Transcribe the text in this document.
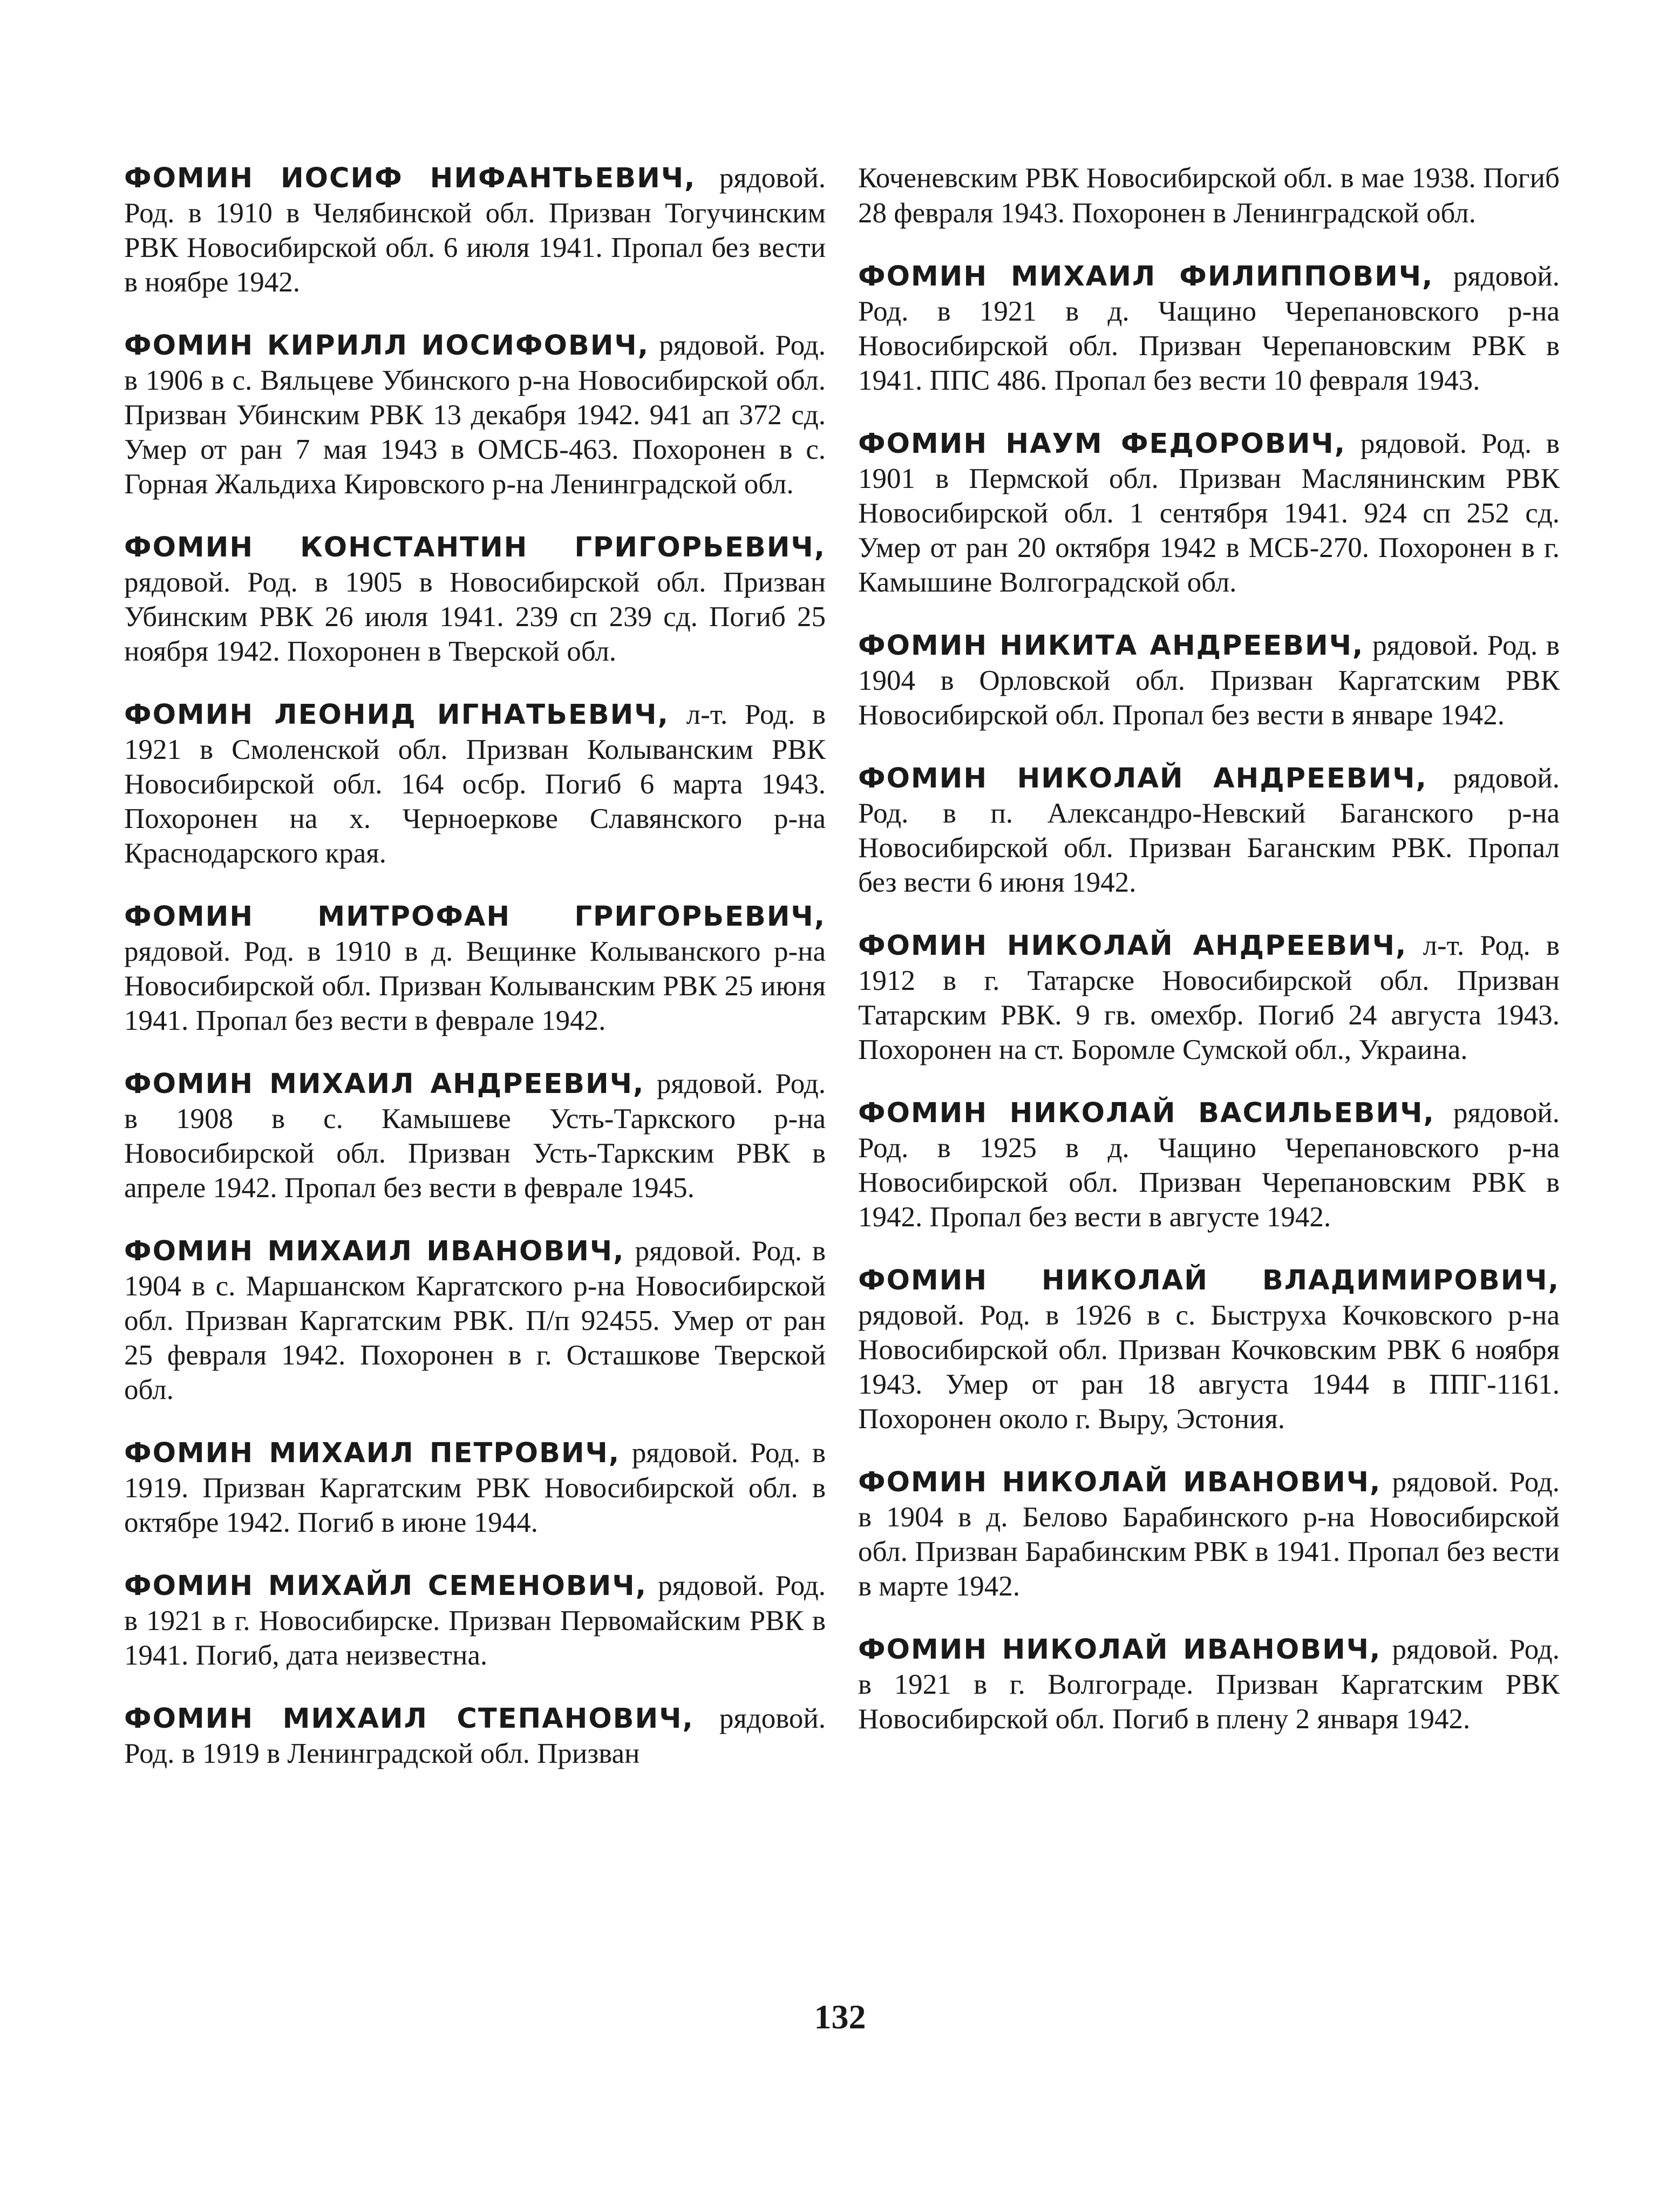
ФОМИН ИОСИФ НИФАНТЬЕВИЧ, рядовой. Род. в 1910 в Челябинской обл. Призван Тогучинским РВК Новосибирской обл. 6 июля 1941. Пропал без вести в ноябре 1942.

ФОМИН КИРИЛЛ ИОСИФОВИЧ, рядовой. Род. в 1906 в с. Вяльцеве Убинского р-на Новосибирской обл. Призван Убинским РВК 13 декабря 1942. 941 ап 372 сд. Умер от ран 7 мая 1943 в ОМСБ-463. Похоронен в с. Горная Жальдиха Кировского р-на Ленинградской обл.

ФОМИН КОНСТАНТИН ГРИГОРЬЕВИЧ, рядовой. Род. в 1905 в Новосибирской обл. Призван Убинским РВК 26 июля 1941. 239 сп 239 сд. Погиб 25 ноября 1942. Похоронен в Тверской обл.

ФОМИН ЛЕОНИД ИГНАТЬЕВИЧ, л-т. Род. в 1921 в Смоленской обл. Призван Колыванским РВК Новосибирской обл. 164 осбр. Погиб 6 марта 1943. Похоронен на х. Черноерковe Славянского р-на Краснодарского края.

ФОМИН МИТРОФАН ГРИГОРЬЕВИЧ, рядовой. Род. в 1910 в д. Вещинке Колыванского р-на Новосибирской обл. Призван Колыванским РВК 25 июня 1941. Пропал без вести в феврале 1942.

ФОМИН МИХАИЛ АНДРЕЕВИЧ, рядовой. Род. в 1908 в с. Камышеве Усть-Таркского р-на Новосибирской обл. Призван Усть-Таркским РВК в апреле 1942. Пропал без вести в феврале 1945.

ФОМИН МИХАИЛ ИВАНОВИЧ, рядовой. Род. в 1904 в с. Маршанском Каргатского р-на Новосибирской обл. Призван Каргатским РВК. П/п 92455. Умер от ран 25 февраля 1942. Похоронен в г. Осташкове Тверской обл.

ФОМИН МИХАИЛ ПЕТРОВИЧ, рядовой. Род. в 1919. Призван Каргатским РВК Новосибирской обл. в октябре 1942. Погиб в июне 1944.

ФОМИН МИХАЙЛ СЕМЕНОВИЧ, рядовой. Род. в 1921 в г. Новосибирске. Призван Первомайским РВК в 1941. Погиб, дата неизвестна.

ФОМИН МИХАИЛ СТЕПАНОВИЧ, рядовой. Род. в 1919 в Ленинградской обл. Призван

Коченевским РВК Новосибирской обл. в мае 1938. Погиб 28 февраля 1943. Похоронен в Ленинградской обл.

ФОМИН МИХАИЛ ФИЛИППОВИЧ, рядовой. Род. в 1921 в д. Чащино Черепановского р-на Новосибирской обл. Призван Черепановским РВК в 1941. ППС 486. Пропал без вести 10 февраля 1943.

ФОМИН НАУМ ФЕДОРОВИЧ, рядовой. Род. в 1901 в Пермской обл. Призван Маслянинским РВК Новосибирской обл. 1 сентября 1941. 924 сп 252 сд. Умер от ран 20 октября 1942 в МСБ-270. Похоронен в г. Камышине Волгоградской обл.

ФОМИН НИКИТА АНДРЕЕВИЧ, рядовой. Род. в 1904 в Орловской обл. Призван Каргатским РВК Новосибирской обл. Пропал без вести в январе 1942.

ФОМИН НИКОЛАЙ АНДРЕЕВИЧ, рядовой. Род. в п. Александро-Невский Баганского р-на Новосибирской обл. Призван Баганским РВК. Пропал без вести 6 июня 1942.

ФОМИН НИКОЛАЙ АНДРЕЕВИЧ, л-т. Род. в 1912 в г. Татарске Новосибирской обл. Призван Татарским РВК. 9 гв. омехбр. Погиб 24 августа 1943. Похоронен на ст. Боромле Сумской обл., Украина.

ФОМИН НИКОЛАЙ ВАСИЛЬЕВИЧ, рядовой. Род. в 1925 в д. Чащино Черепановского р-на Новосибирской обл. Призван Черепановским РВК в 1942. Пропал без вести в августе 1942.

ФОМИН НИКОЛАЙ ВЛАДИМИРОВИЧ, рядовой. Род. в 1926 в с. Быструха Кочковского р-на Новосибирской обл. Призван Кочковским РВК 6 ноября 1943. Умер от ран 18 августа 1944 в ППГ-1161. Похоронен около г. Выру, Эстония.

ФОМИН НИКОЛАЙ ИВАНОВИЧ, рядовой. Род. в 1904 в д. Белово Барабинского р-на Новосибирской обл. Призван Барабинским РВК в 1941. Пропал без вести в марте 1942.

ФОМИН НИКОЛАЙ ИВАНОВИЧ, рядовой. Род. в 1921 в г. Волгограде. Призван Каргатским РВК Новосибирской обл. Погиб в плену 2 января 1942.

132
